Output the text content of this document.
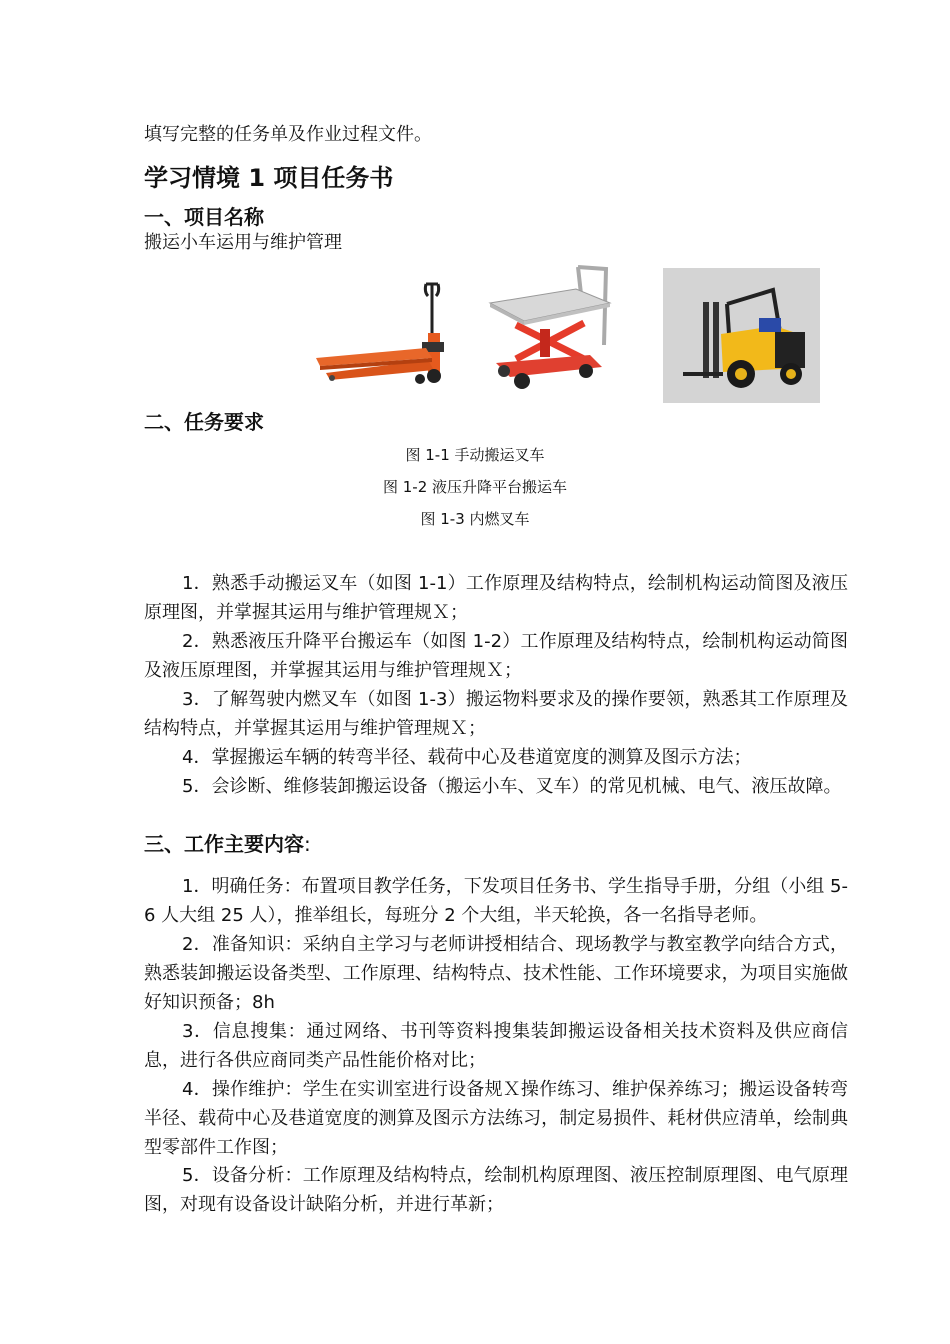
填写完整的任务单及作业过程文件。
学习情境 1 项目任务书
一、项目名称
搬运小车运用与维护管理
二、任务要求
图 1-1 手动搬运叉车
图 1-2 液压升降平台搬运车
图 1-3 内燃叉车
1．熟悉手动搬运叉车（如图 1-1）工作原理及结构特点，绘制机构运动简图及液压原理图，并掌握其运用与维护管理规Ｘ；
2．熟悉液压升降平台搬运车（如图 1-2）工作原理及结构特点，绘制机构运动简图及液压原理图，并掌握其运用与维护管理规Ｘ；
3．了解驾驶内燃叉车（如图 1-3）搬运物料要求及的操作要领，熟悉其工作原理及结构特点，并掌握其运用与维护管理规Ｘ；
4．掌握搬运车辆的转弯半径、载荷中心及巷道宽度的测算及图示方法；
5．会诊断、维修装卸搬运设备（搬运小车、叉车）的常见机械、电气、液压故障。
三、工作主要内容:
1．明确任务：布置项目教学任务，下发项目任务书、学生指导手册，分组（小组 5-6 人大组 25 人），推举组长，每班分 2 个大组，半天轮换，各一名指导老师。
2．准备知识：采纳自主学习与老师讲授相结合、现场教学与教室教学向结合方式，熟悉装卸搬运设备类型、工作原理、结构特点、技术性能、工作环境要求，为项目实施做好知识预备；8h
3．信息搜集：通过网络、书刊等资料搜集装卸搬运设备相关技术资料及供应商信息，进行各供应商同类产品性能价格对比；
4．操作维护：学生在实训室进行设备规Ｘ操作练习、维护保养练习；搬运设备转弯半径、载荷中心及巷道宽度的测算及图示方法练习，制定易损件、耗材供应清单，绘制典型零部件工作图；
5．设备分析：工作原理及结构特点，绘制机构原理图、液压控制原理图、电气原理图，对现有设备设计缺陷分析，并进行革新；
